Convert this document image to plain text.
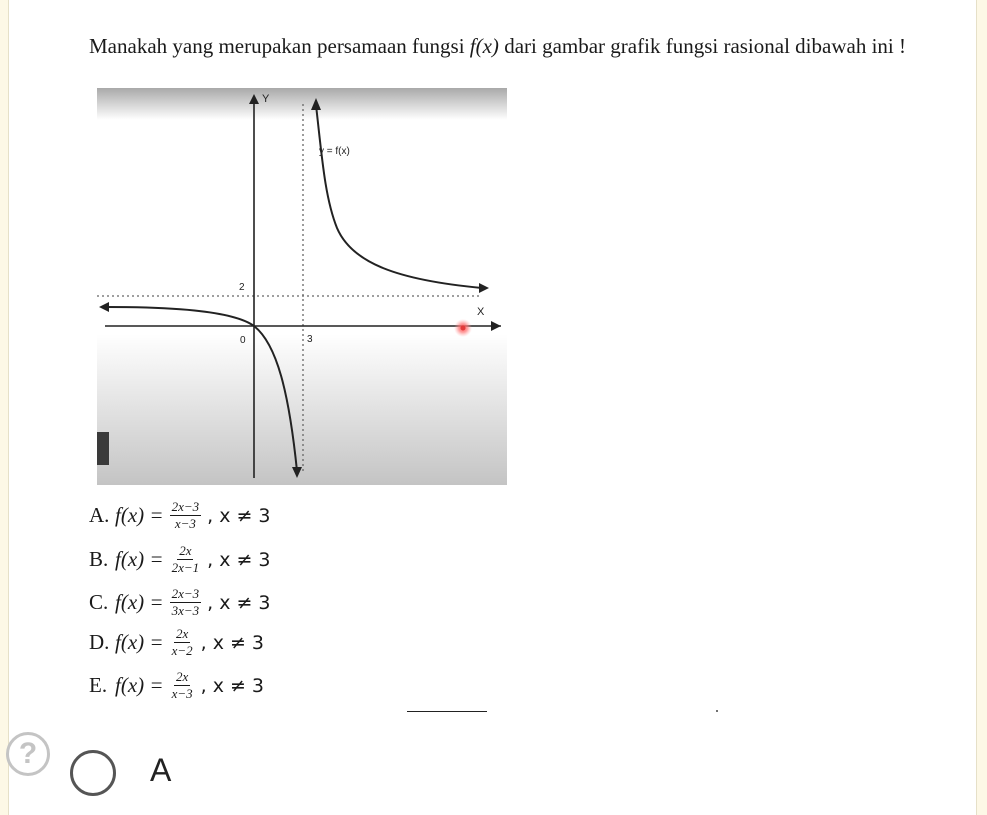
Manakah yang merupakan persamaan fungsi f(x) dari gambar grafik fungsi rasional dibawah ini !
Y
X
y = f(x)
2
0	3
A. $f(x) = \frac{2x-3}{x-3}$ , x ≠ 3
B. $f(x) = \frac{2x}{2x-1}$ , x ≠ 3
C. $f(x) = \frac{2x-3}{3x-3}$ , x ≠ 3
D. $f(x) = \frac{2x}{x-2}$ , x ≠ 3
E. $f(x) = \frac{2x}{x-3}$ , x ≠ 3
?	A
